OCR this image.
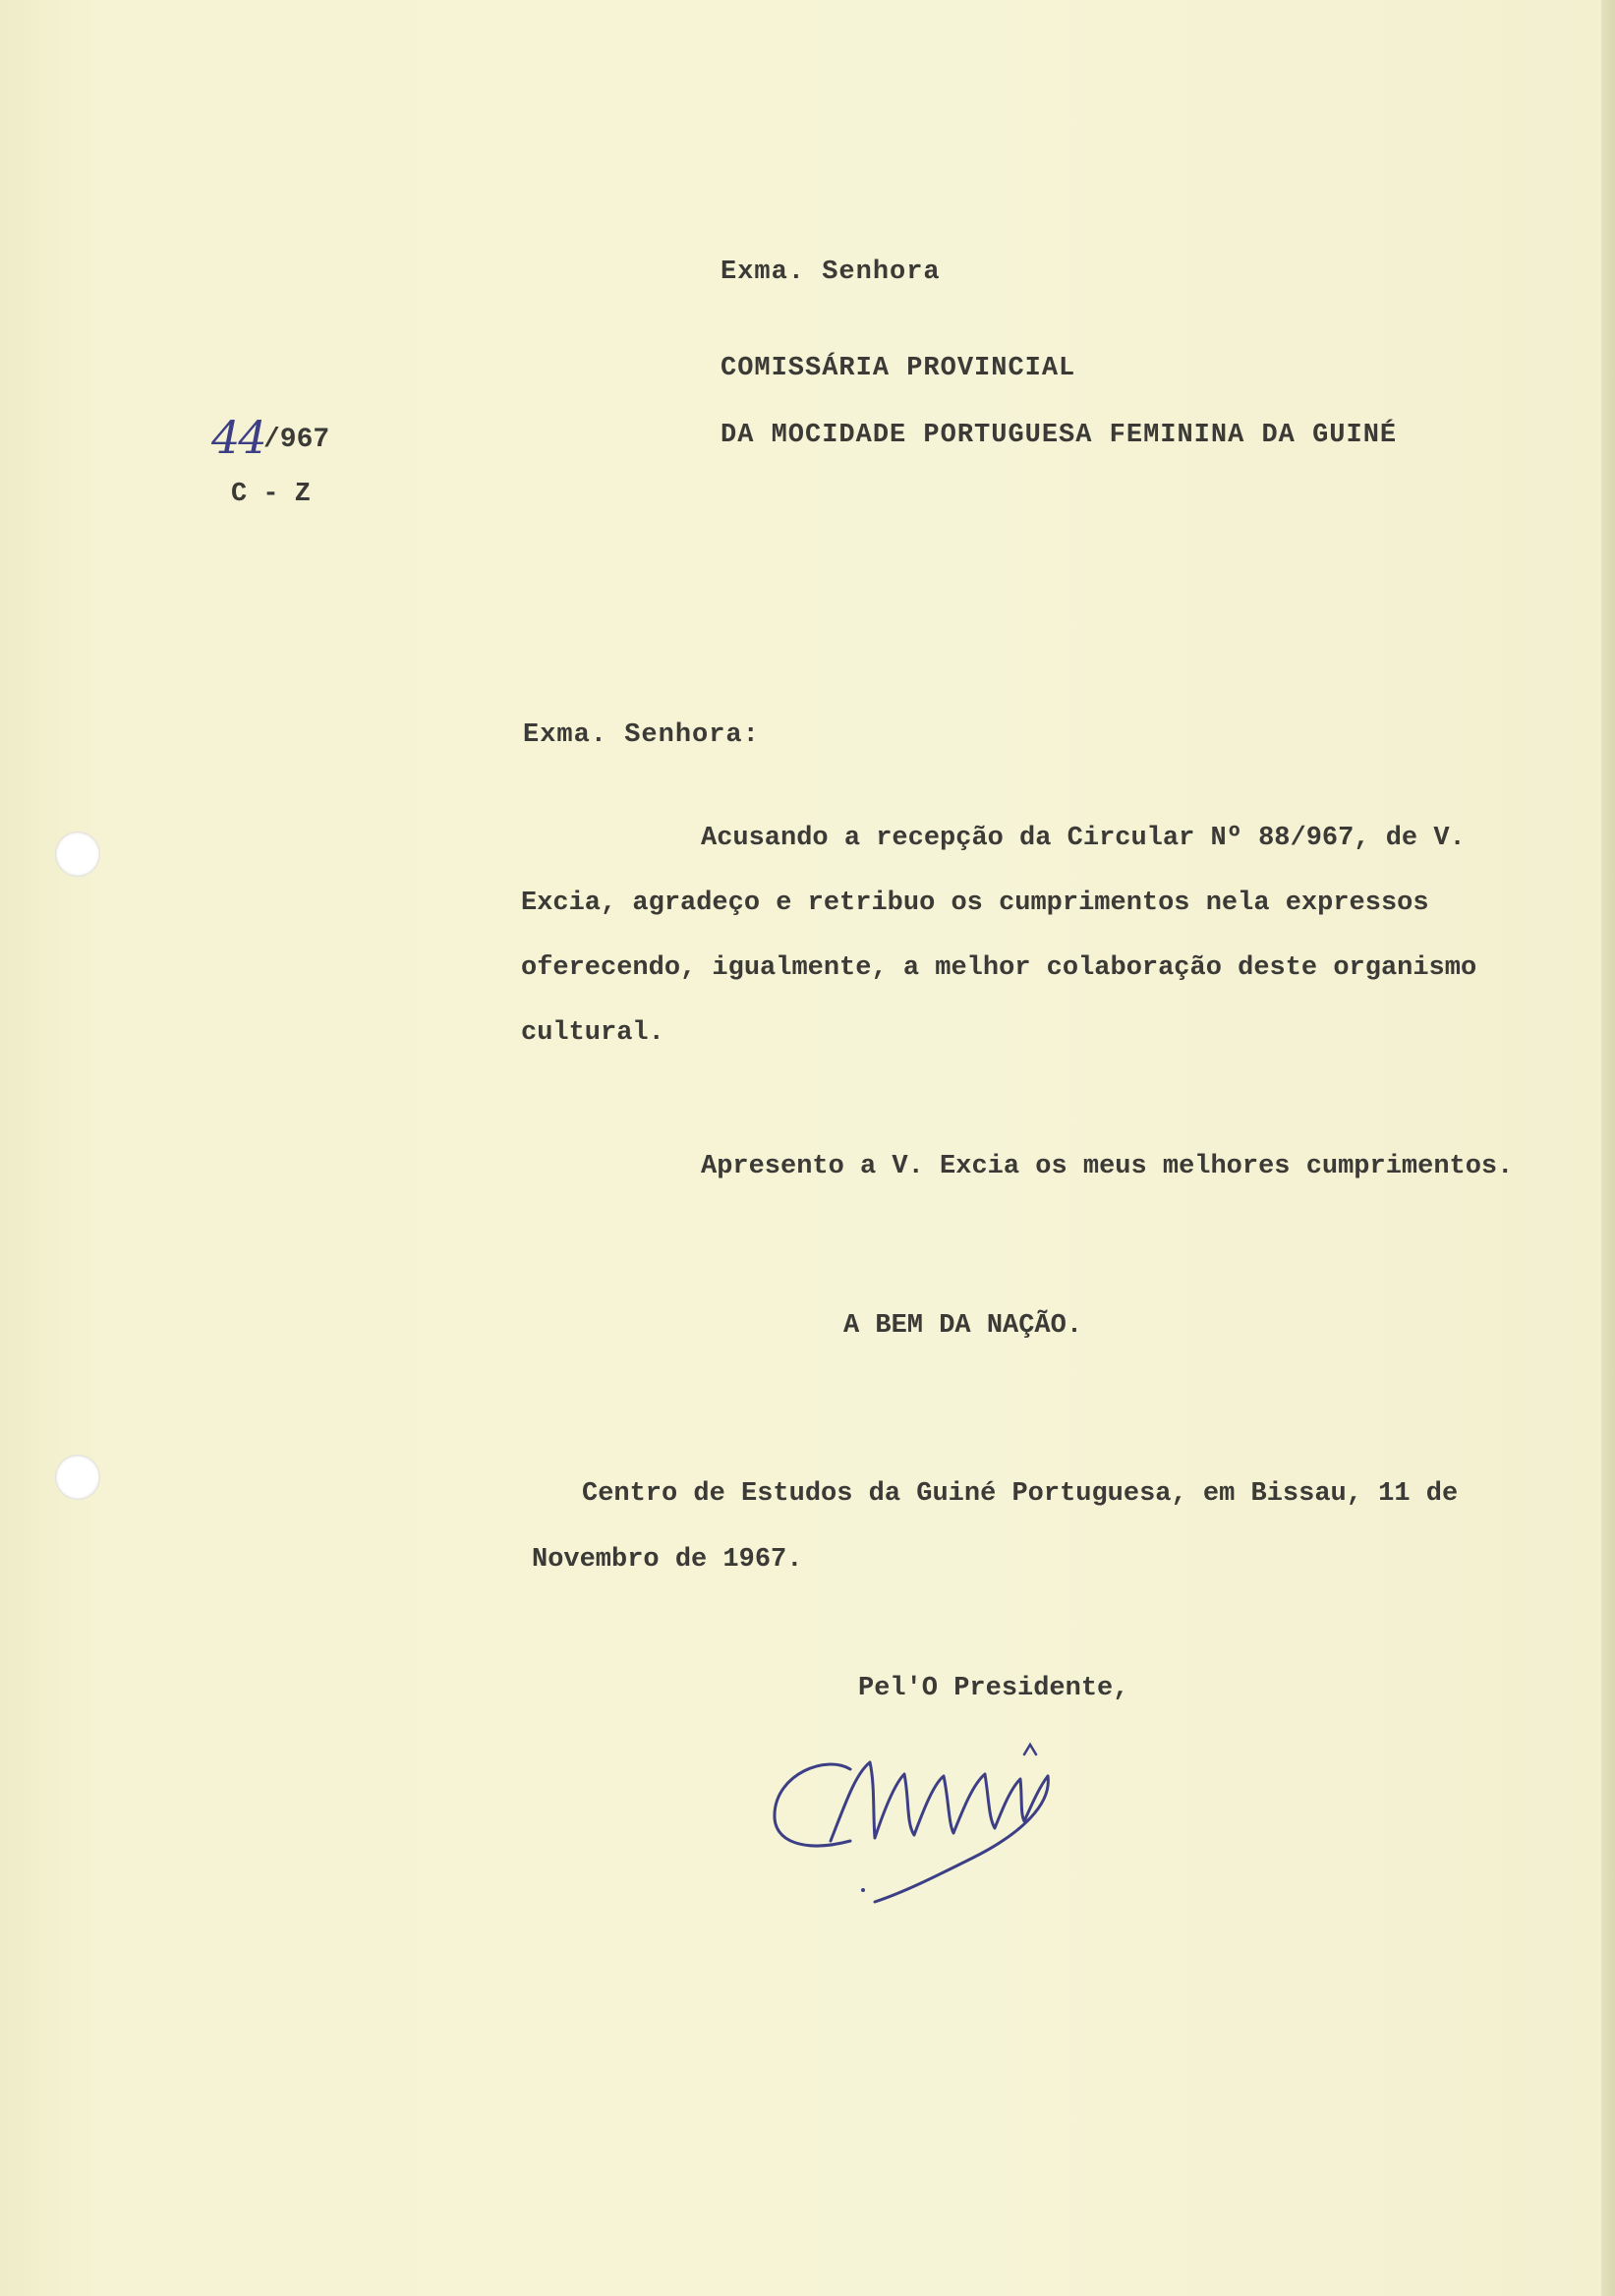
44
/967
C - Z
Exma. Senhora
COMISSÁRIA PROVINCIAL
DA MOCIDADE PORTUGUESA FEMININA DA GUINÉ
Exma. Senhora:
Acusando a recepção da Circular Nº 88/967, de V.
Excia, agradeço e retribuo os cumprimentos nela expressos
oferecendo, igualmente, a melhor colaboração deste organismo
cultural.
Apresento a V. Excia os meus melhores cumprimentos.
A BEM DA NAÇÃO.
Centro de Estudos da Guiné Portuguesa, em Bissau, 11 de
Novembro de 1967.
Pel'O Presidente,
